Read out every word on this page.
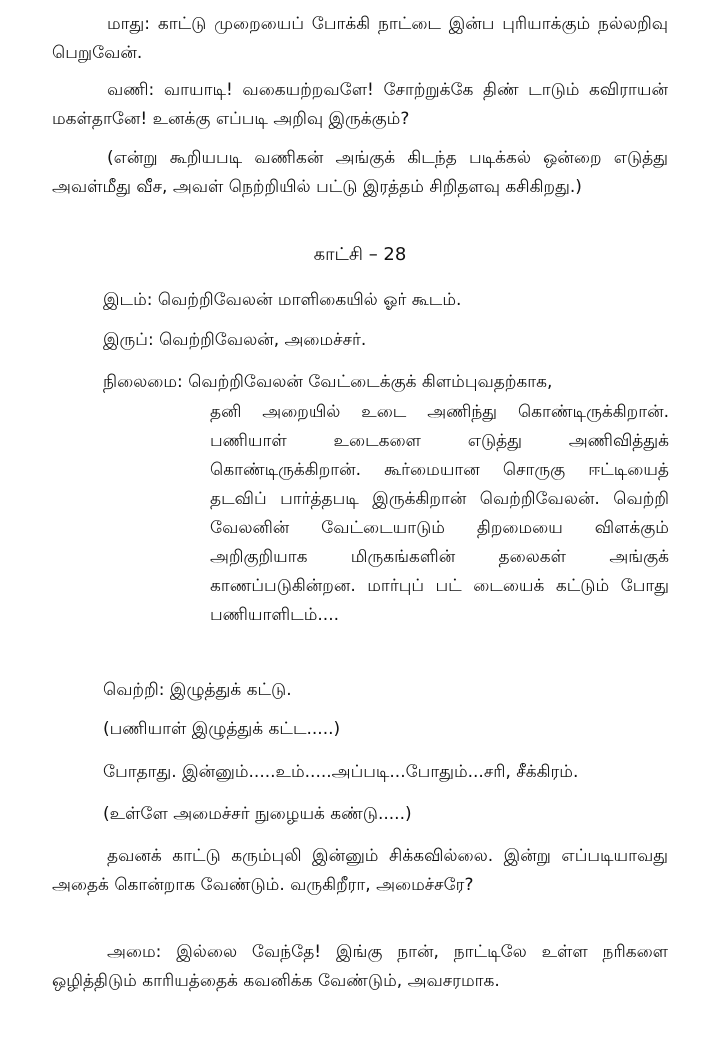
மாது: காட்டு முறையைப் போக்கி நாட்டை இன்ப புரியாக்கும் நல்லறிவு பெறுவேன்.

வணி: வாயாடி! வகையற்றவளே! சோற்றுக்கே திண் டாடும் கவிராயன் மகள்தானே! உனக்கு எப்படி அறிவு இருக்கும்?

(என்று கூறியபடி வணிகன் அங்குக் கிடந்த படிக்கல் ஒன்றை எடுத்து அவள்மீது வீச, அவள் நெற்றியில் பட்டு இரத்தம் சிறிதளவு கசிகிறது.)

காட்சி – 28

இடம்: வெற்றிவேலன் மாளிகையில் ஓர் கூடம்.

இருப்: வெற்றிவேலன், அமைச்சர்.

நிலைமை: வெற்றிவேலன் வேட்டைக்குக் கிளம்புவதற்காக,

தனி அறையில் உடை அணிந்து கொண்டிருக்கிறான். பணியாள் உடைகளை எடுத்து அணிவித்துக் கொண்டிருக்கிறான். கூர்மையான சொருகு ஈட்டியைத் தடவிப் பார்த்தபடி இருக்கிறான் வெற்றிவேலன். வெற்றி வேலனின் வேட்டையாடும் திறமையை விளக்கும் அறிகுறியாக மிருகங்களின் தலைகள் அங்குக் காணப்படுகின்றன. மார்புப் பட் டையைக் கட்டும் போது பணியாளிடம்....

வெற்றி: இழுத்துக் கட்டு.

(பணியாள் இழுத்துக் கட்ட.....)

போதாது. இன்னும்.....உம்.....அப்படி...போதும்...சரி, சீக்கிரம்.

(உள்ளே அமைச்சர் நுழையக் கண்டு.....)

தவனக் காட்டு கரும்புலி இன்னும் சிக்கவில்லை. இன்று எப்படியாவது அதைக் கொன்றாக வேண்டும். வருகிறீரா, அமைச்சரே?

அமை: இல்லை வேந்தே! இங்கு நான், நாட்டிலே உள்ள நரிகளை ஒழித்திடும் காரியத்தைக் கவனிக்க வேண்டும், அவசரமாக.
